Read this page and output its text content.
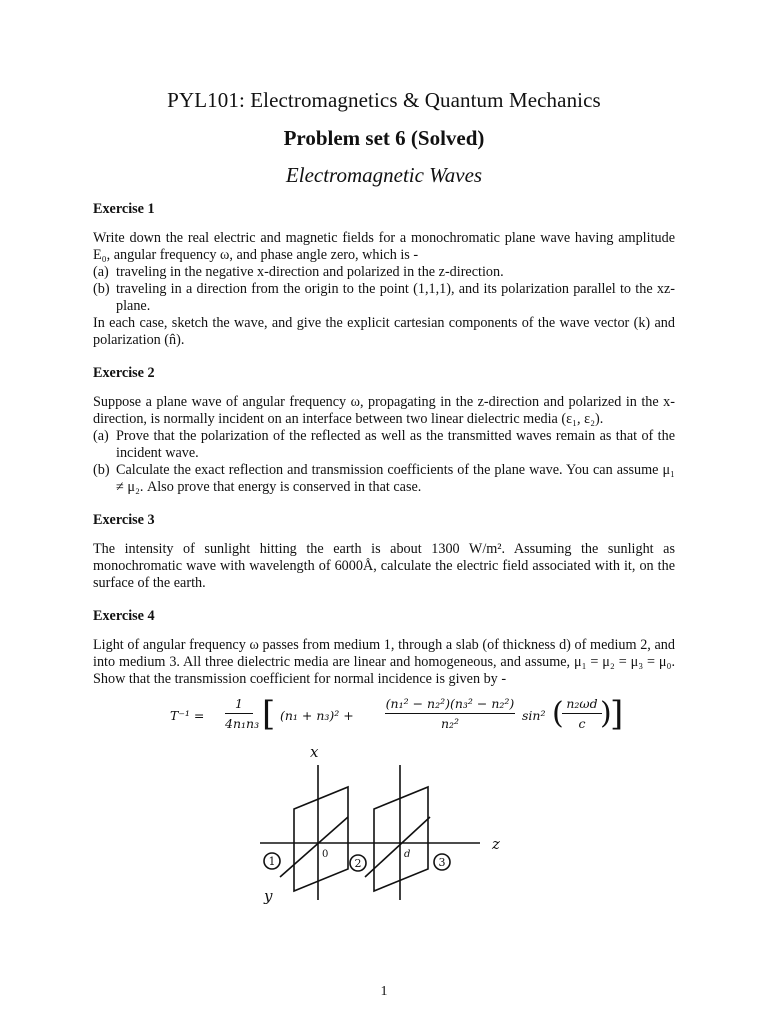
PYL101: Electromagnetics & Quantum Mechanics
Problem set 6 (Solved)
Electromagnetic Waves

Exercise 1

Write down the real electric and magnetic fields for a monochromatic plane wave having amplitude E₀, angular frequency ω, and phase angle zero, which is -

(a) traveling in the negative x-direction and polarized in the z-direction.
(b) traveling in a direction from the origin to the point (1,1,1), and its polarization parallel to the xz-plane.

In each case, sketch the wave, and give the explicit cartesian components of the wave vector (k) and polarization (n̂).

Exercise 2

Suppose a plane wave of angular frequency ω, propagating in the z-direction and polarized in the x-direction, is normally incident on an interface between two linear dielectric media (ε₁, ε₂).

(a) Prove that the polarization of the reflected as well as the transmitted waves remain as that of the incident wave.
(b) Calculate the exact reflection and transmission coefficients of the plane wave. You can assume μ₁ ≠ μ₂. Also prove that energy is conserved in that case.

Exercise 3

The intensity of sunlight hitting the earth is about 1300 W/m². Assuming the sunlight as monochromatic wave with wavelength of 6000Å, calculate the electric field associated with it, on the surface of the earth.

Exercise 4

Light of angular frequency ω passes from medium 1, through a slab (of thickness d) of medium 2, and into medium 3. All three dielectric media are linear and homogeneous, and assume, μ₁ = μ₂ = μ₃ = μ₀. Show that the transmission coefficient for normal incidence is given by -

T⁻¹ =
1
4n₁n₃ [ (n₁ + n₃)² +
(n₁² − n₂²)(n₃² − n₂²)
n₂²
sin² ( n₂ωd
c )
]
x
z
y
0	d
1	2	3
1
